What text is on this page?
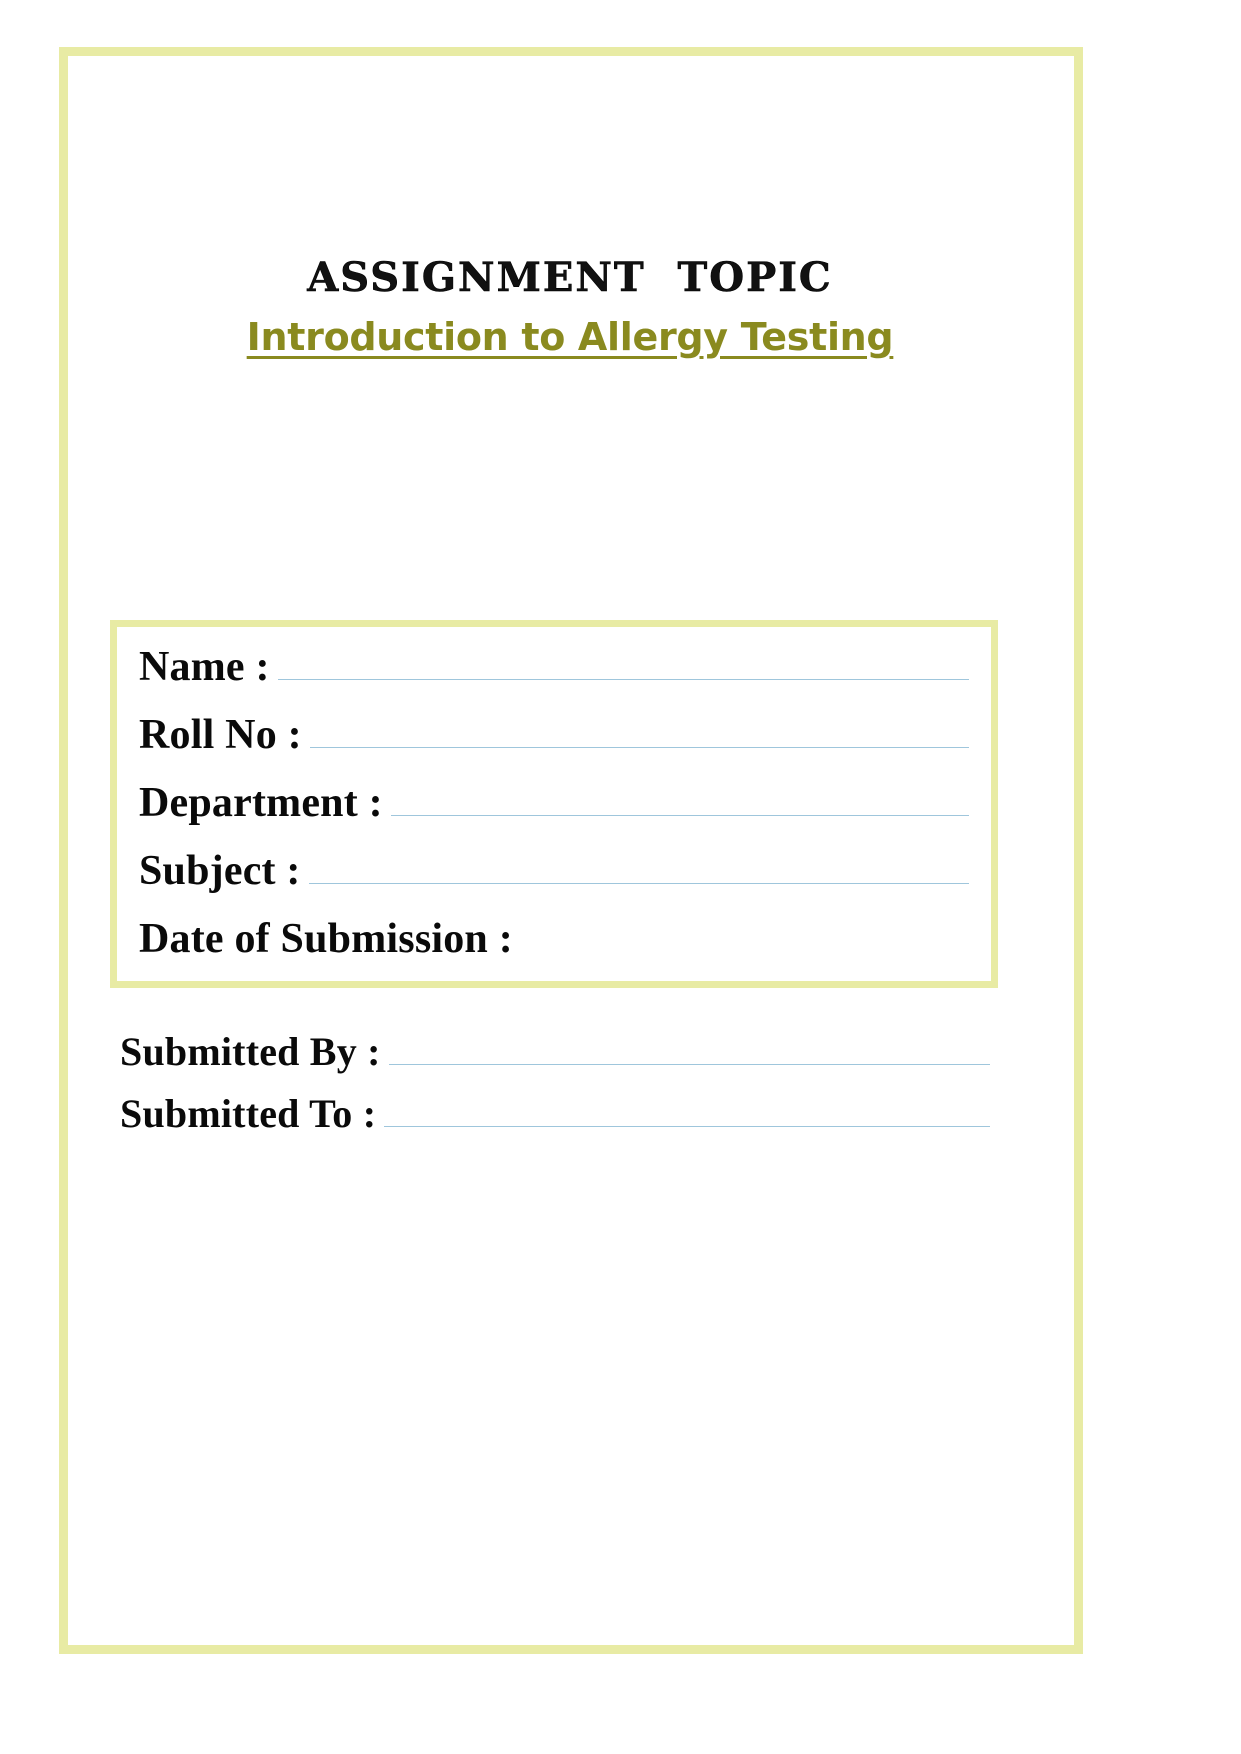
ASSIGNMENT  TOPIC
Introduction to Allergy Testing
Name :
Roll No :
Department :
Subject :
Date of Submission :
Submitted By :
Submitted To :
